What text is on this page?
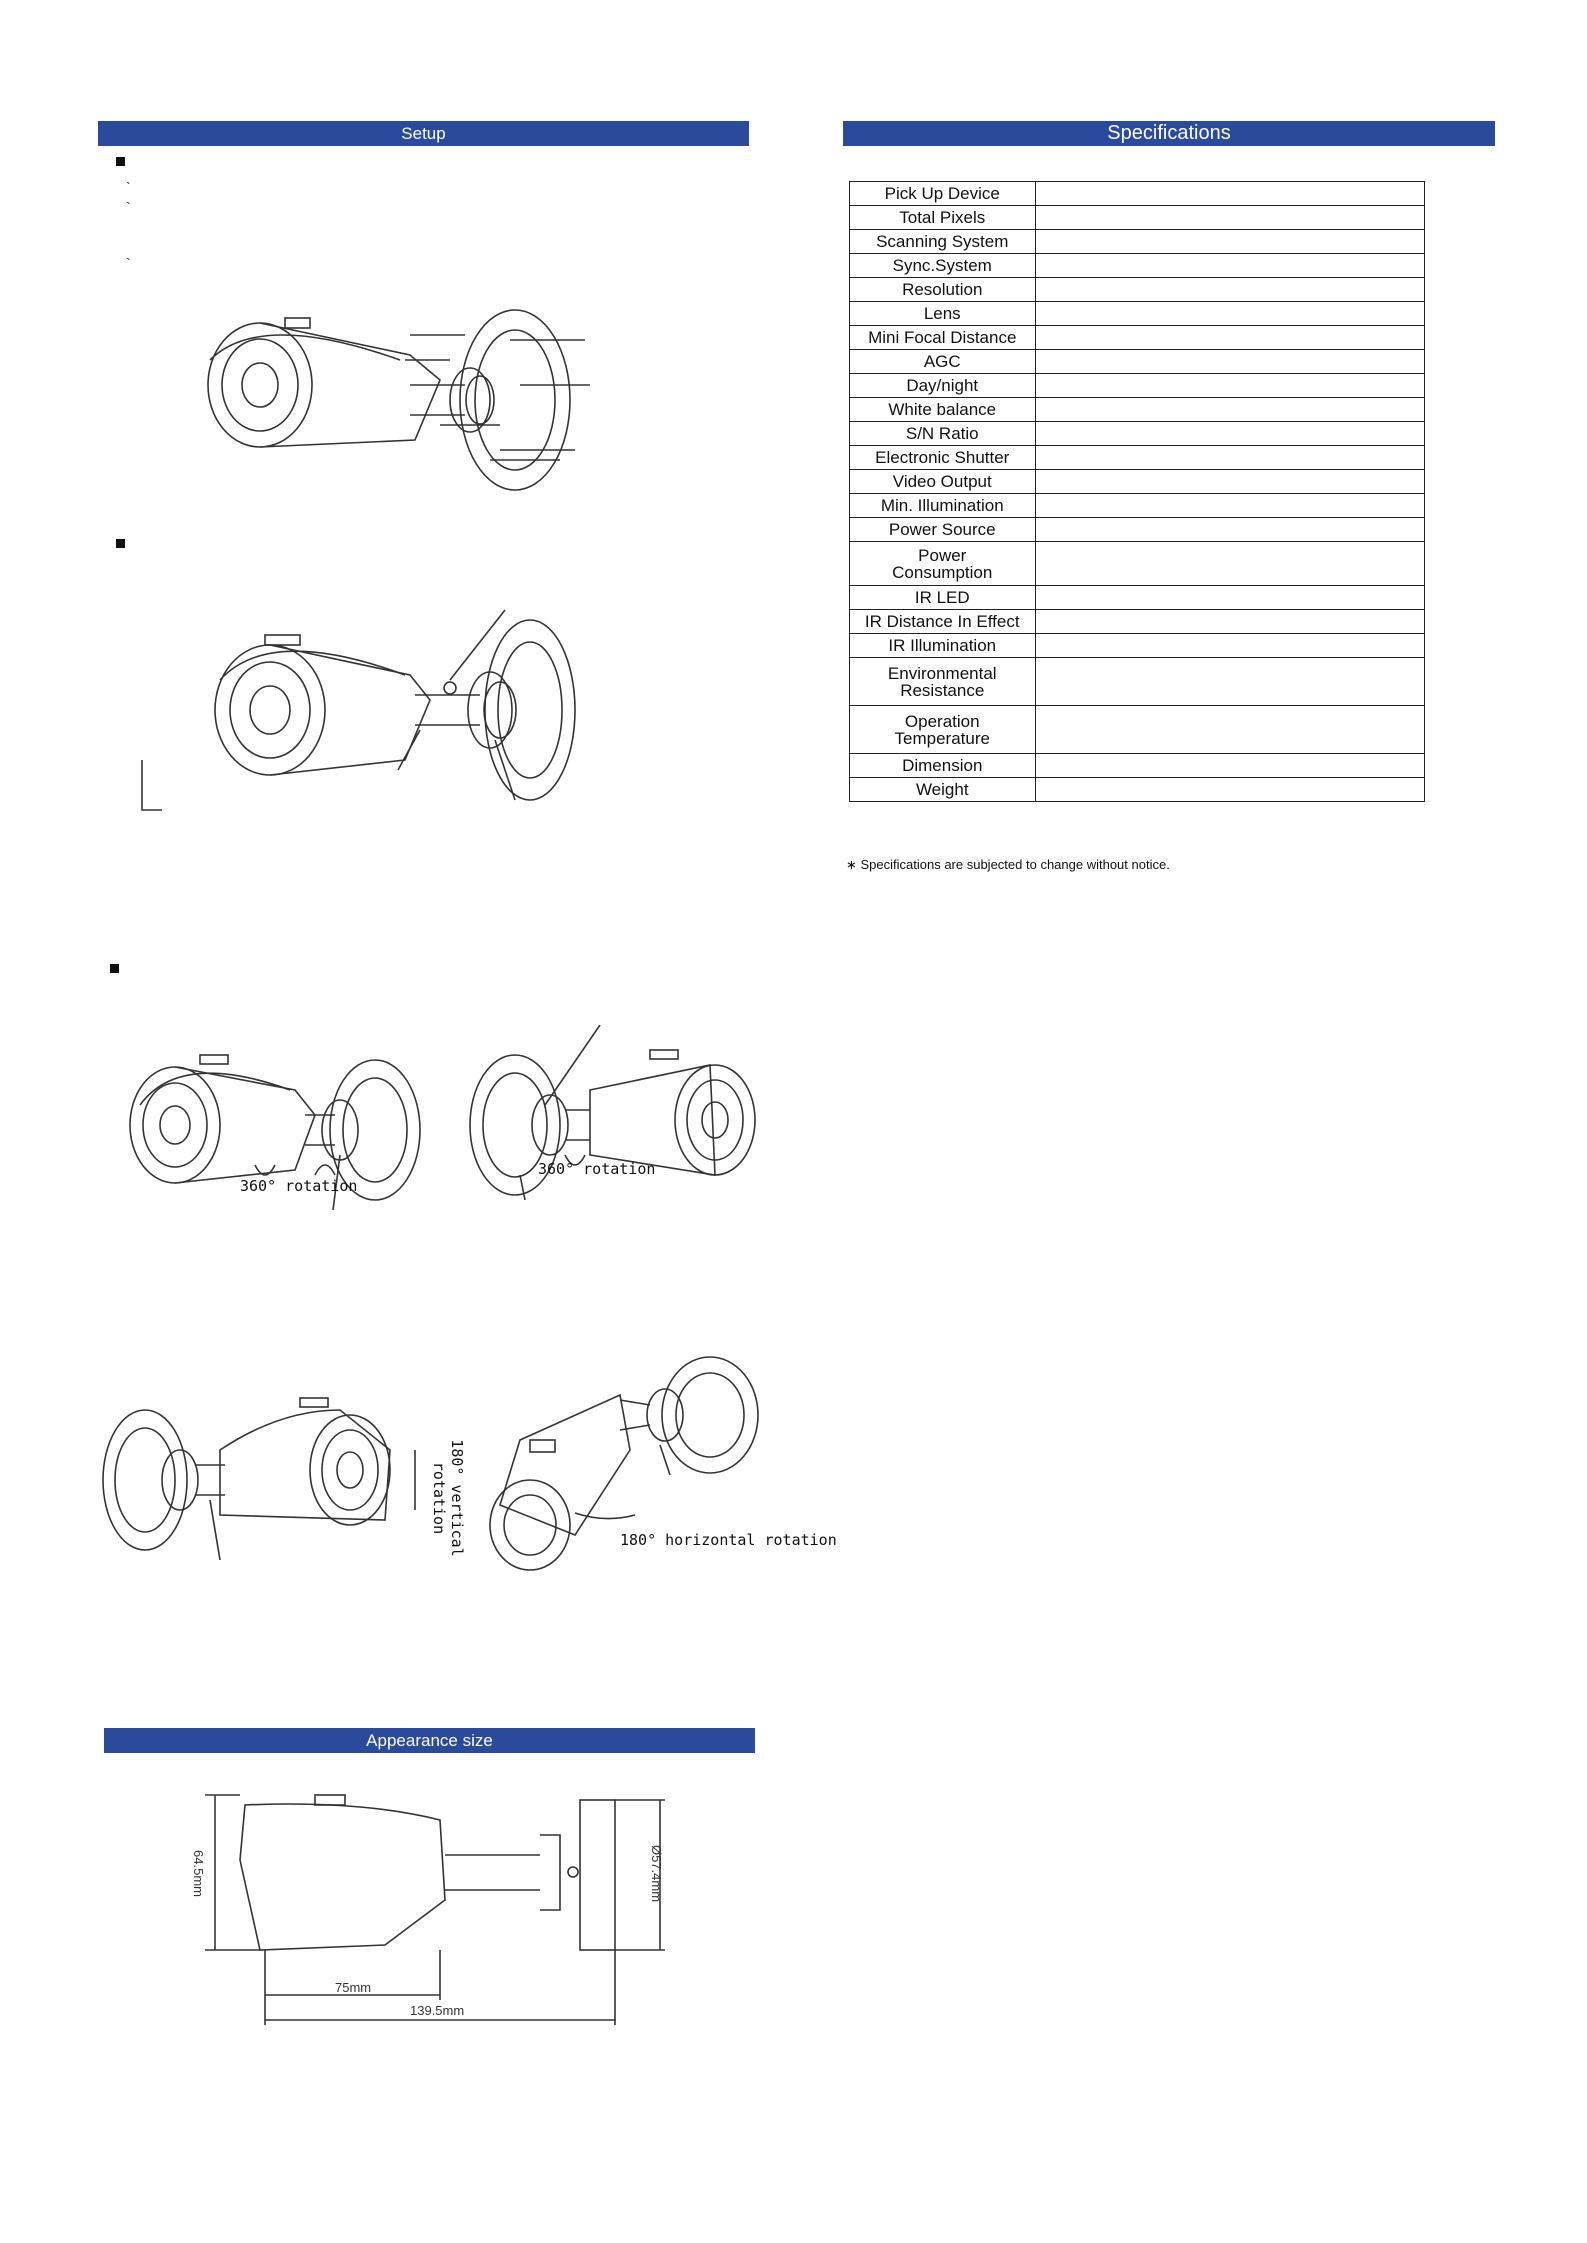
Setup	Specifications
Appearance size
`
`
`
360° rotation
360° rotation
180° vertical rotation
180° horizontal rotation
64.5mm	Ø57.4mm
75mm
139.5mm
Pick Up Device	
Total Pixels	
Scanning System	
Sync.System	
Resolution	
Lens	
Mini Focal Distance	
AGC	
Day/night	
White balance	
S/N Ratio	
Electronic Shutter	
Video Output	
Min. Illumination	
Power Source	
Power
Consumption	
IR LED	
IR Distance In Effect	
IR Illumination	
Environmental
Resistance	
Operation
Temperature	
Dimension	
Weight	
∗ Specifications are subjected to change without notice.
